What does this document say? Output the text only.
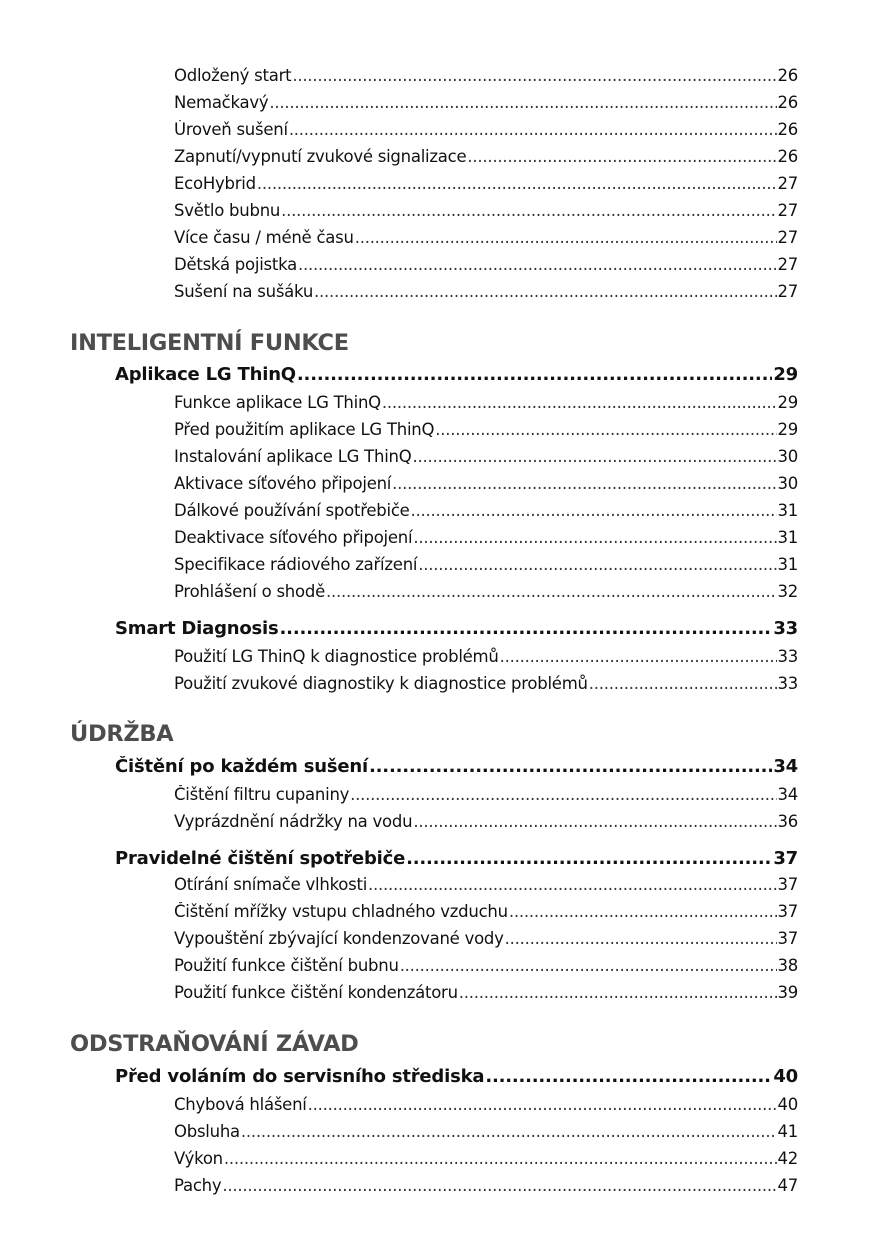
Odložený start .....	26
Nemačkavý .....	26
Úroveň sušení .....	26
Zapnutí/vypnutí zvukové signalizace .....	26
EcoHybrid .....	27
Světlo bubnu .....	27
Více času / méně času .....	27
Dětská pojistka .....	27
Sušení na sušáku .....	27
INTELIGENTNÍ FUNKCE
Aplikace LG ThinQ .....	29
Funkce aplikace LG ThinQ .....	29
Před použitím aplikace LG ThinQ .....	29
Instalování aplikace LG ThinQ .....	30
Aktivace síťového připojení .....	30
Dálkové používání spotřebiče .....	31
Deaktivace síťového připojení .....	31
Specifikace rádiového zařízení .....	31
Prohlášení o shodě .....	32
Smart Diagnosis .....	33
Použití LG ThinQ k diagnostice problémů .....	33
Použití zvukové diagnostiky k diagnostice problémů .....	33
ÚDRŽBA
Čištění po každém sušení .....	34
Čištění filtru cupaniny .....	34
Vyprázdnění nádržky na vodu .....	36
Pravidelné čištění spotřebiče .....	37
Otírání snímače vlhkosti .....	37
Čištění mřížky vstupu chladného vzduchu .....	37
Vypouštění zbývající kondenzované vody .....	37
Použití funkce čištění bubnu .....	38
Použití funkce čištění kondenzátoru .....	39
ODSTRAŇOVÁNÍ ZÁVAD
Před voláním do servisního střediska .....	40
Chybová hlášení .....	40
Obsluha .....	41
Výkon .....	42
Pachy .....	47
